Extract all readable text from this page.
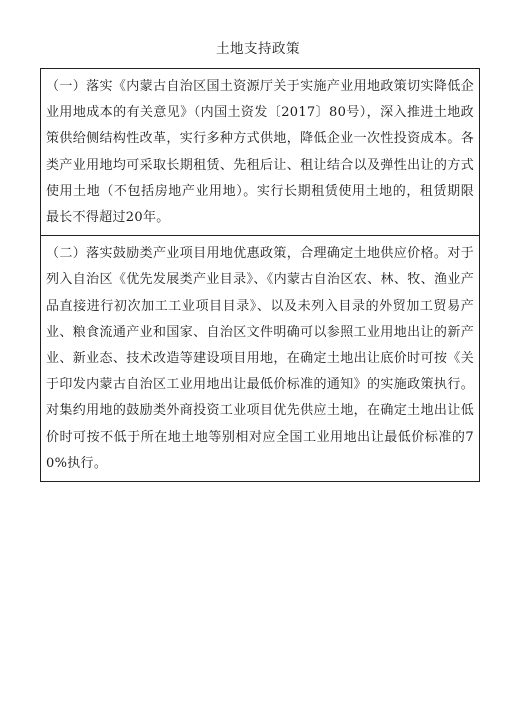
土地支持政策

（一）落实《内蒙古自治区国土资源厅关于实施产业用地政策切实降低企业用地成本的有关意见》（内国土资发〔2017〕80号），深入推进土地政策供给侧结构性改革，实行多种方式供地，降低企业一次性投资成本。各类产业用地均可采取长期租赁、先租后让、租让结合以及弹性出让的方式使用土地（不包括房地产业用地）。实行长期租赁使用土地的，租赁期限最长不得超过20年。

（二）落实鼓励类产业项目用地优惠政策，合理确定土地供应价格。对于列入自治区《优先发展类产业目录》、《内蒙古自治区农、林、牧、渔业产品直接进行初次加工工业项目目录》、以及未列入目录的外贸加工贸易产业、粮食流通产业和国家、自治区文件明确可以参照工业用地出让的新产业、新业态、技术改造等建设项目用地，在确定土地出让底价时可按《关于印发内蒙古自治区工业用地出让最低价标准的通知》的实施政策执行。对集约用地的鼓励类外商投资工业项目优先供应土地，在确定土地出让低价时可按不低于所在地土地等别相对应全国工业用地出让最低价标准的70%执行。
